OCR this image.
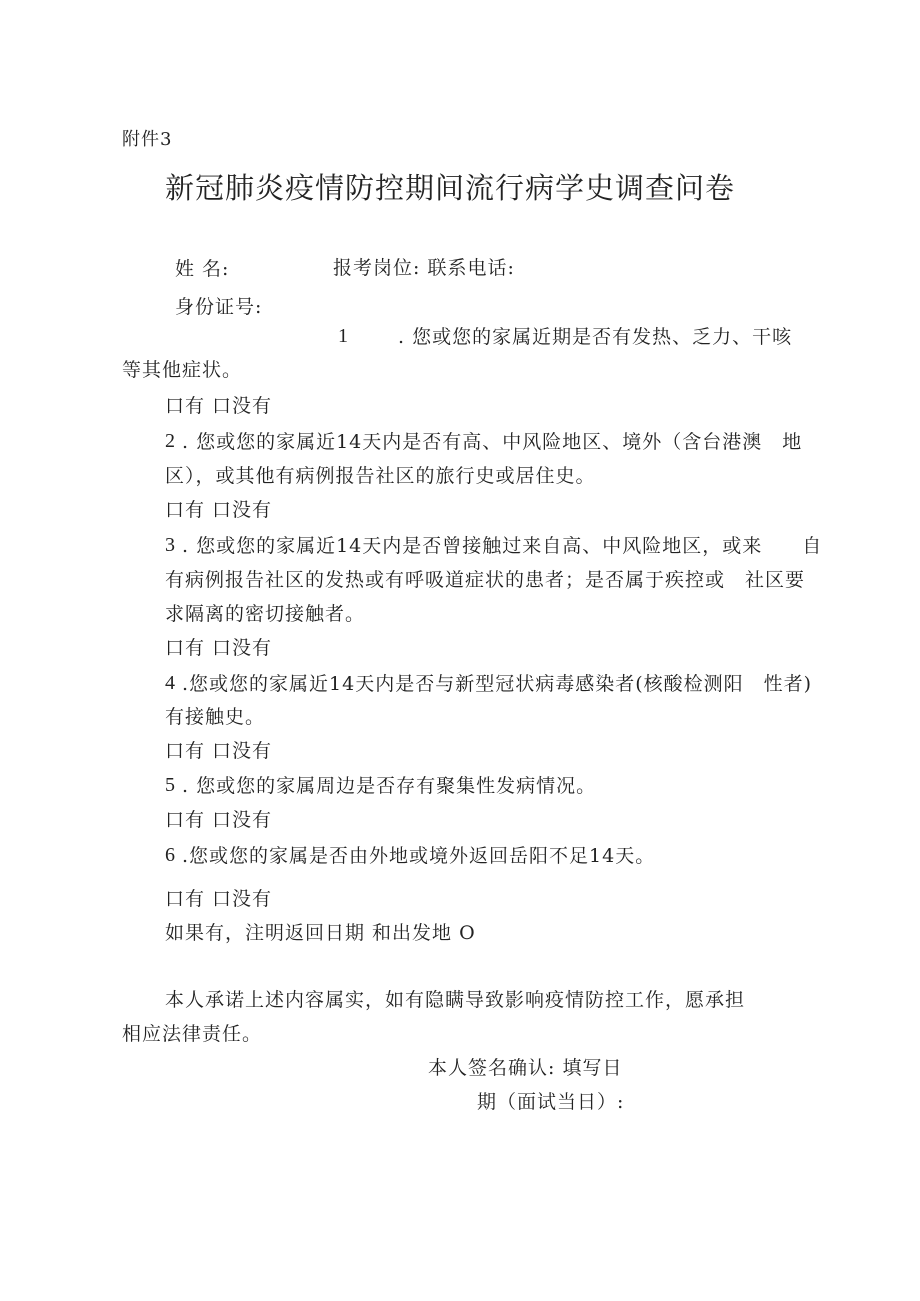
附件3
新冠肺炎疫情防控期间流行病学史调查问卷
姓 名:	报考岗位: 联系电话:
身份证号:
1	. 您或您的家属近期是否有发热、乏力、干咳
等其他症状。
口有 口没有
2 . 您或您的家属近14天内是否有高、中风险地区、境外（含台港澳　地
区），或其他有病例报告社区的旅行史或居住史。
口有 口没有
3 . 您或您的家属近14天内是否曾接触过来自高、中风险地区，或来　　自
有病例报告社区的发热或有呼吸道症状的患者；是否属于疾控或　社区要
求隔离的密切接触者。
口有 口没有
4 .您或您的家属近14天内是否与新型冠状病毒感染者(核酸检测阳　性者)
有接触史。
口有 口没有
5 . 您或您的家属周边是否存有聚集性发病情况。
口有 口没有
6 .您或您的家属是否由外地或境外返回岳阳不足14天。
口有 口没有
如果有，注明返回日期 和出发地 O
本人承诺上述内容属实，如有隐瞒导致影响疫情防控工作，愿承担
相应法律责任。
本人签名确认: 填写日
期（面试当日）:
